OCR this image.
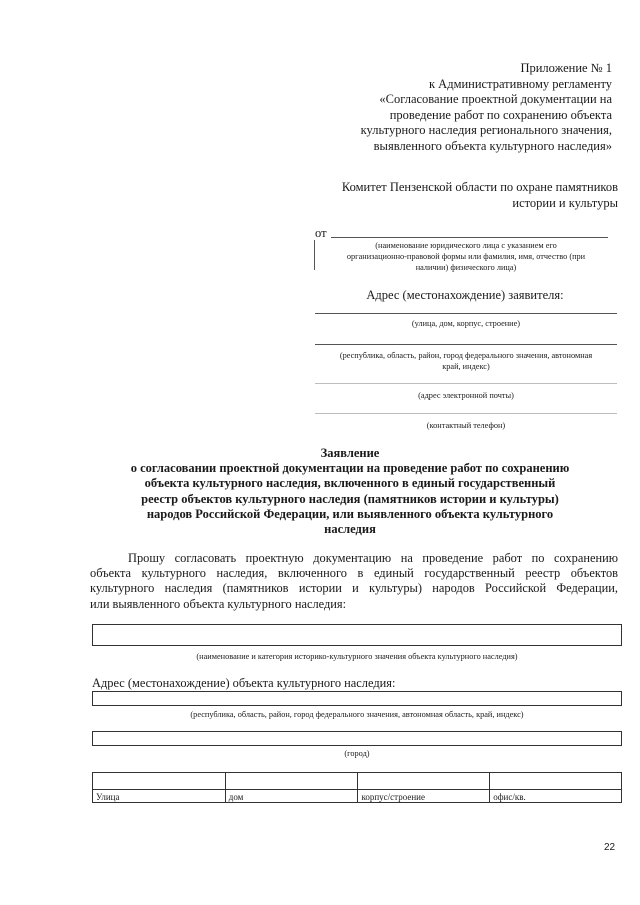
Приложение № 1
к Административному регламенту
«Согласование проектной документации на
проведение работ по сохранению объекта
культурного наследия регионального значения,
выявленного объекта культурного наследия»
Комитет Пензенской области по охране памятников
истории и культуры
от
(наименование юридического лица с указанием его
организационно-правовой формы или фамилия, имя, отчество (при
наличии) физического лица)
Адрес (местонахождение) заявителя:
(улица, дом, корпус, строение)
(республика, область, район, город федерального значения, автономная
край, индекс)
(адрес электронной почты)
(контактный телефон)
Заявление
о согласовании проектной документации на проведение работ по сохранению
объекта культурного наследия, включенного в единый государственный
реестр объектов культурного наследия (памятников истории и культуры)
народов Российской Федерации, или выявленного объекта культурного
наследия
Прошу согласовать проектную документацию на проведение работ по сохранению
объекта культурного наследия, включенного в единый государственный реестр объектов
культурного наследия (памятников истории и культуры) народов Российской Федерации,
или выявленного объекта культурного наследия:
(наименование и категория историко-культурного значения объекта культурного наследия)
Адрес (местонахождение) объекта культурного наследия:
(республика, область, район, город федерального значения, автономная область, край, индекс)
(город)

Улица	дом	корпус/строение	офис/кв.
22
